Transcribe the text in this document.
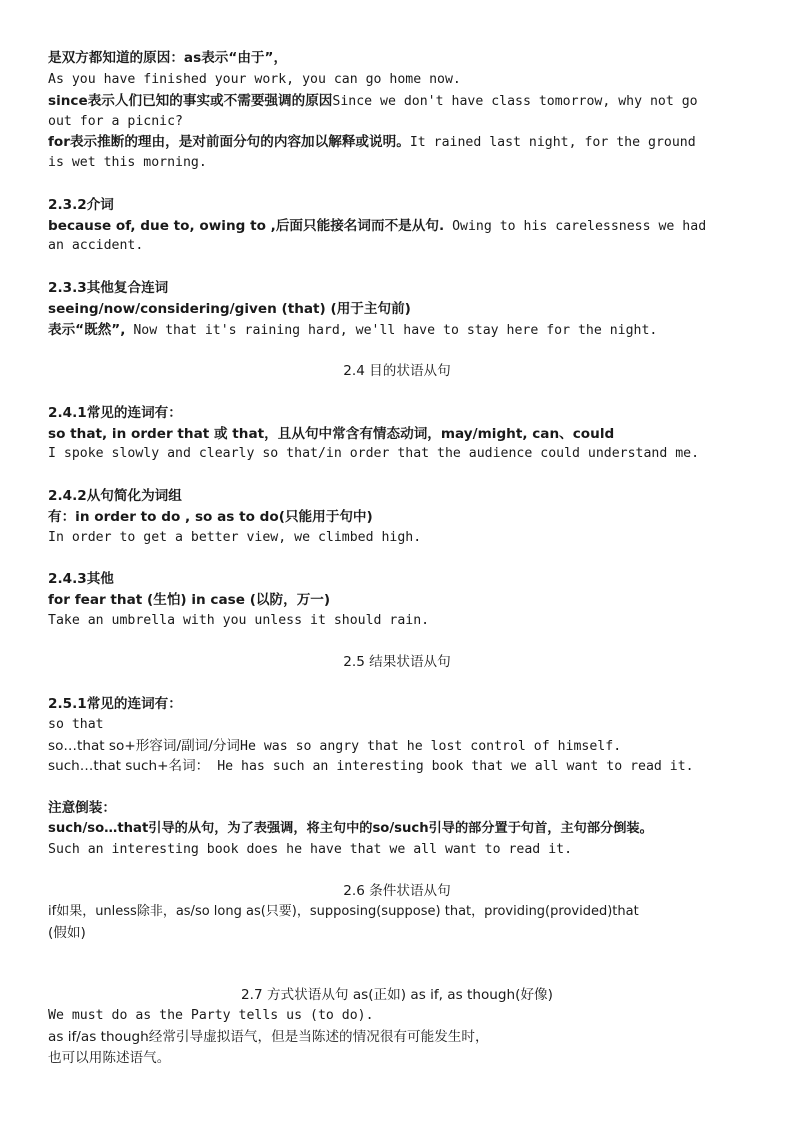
是双方都知道的原因：as表示“由于”，
As you have finished your work, you can go home now.
since表示人们已知的事实或不需要强调的原因Since we don't have class tomorrow, why not go
out for a picnic?
for表示推断的理由，是对前面分句的内容加以解释或说明。It rained last night, for the ground
is wet this morning.
2.3.2介词
because of, due to, owing to ,后面只能接名词而不是从句. Owing to his carelessness we had
an accident.
2.3.3其他复合连词
seeing/now/considering/given (that) (用于主句前)
表示“既然”, Now that it's raining hard, we'll have to stay here for the night.
2.4 目的状语从句
2.4.1常见的连词有：
so that, in order that 或 that，且从句中常含有情态动词，may/might, can、could
I spoke slowly and clearly so that/in order that the audience could understand me.
2.4.2从句简化为词组
有：in order to do , so as to do(只能用于句中)
In order to get a better view, we climbed high.
2.4.3其他
for fear that (生怕) in case (以防，万一)
Take an umbrella with you unless it should rain.
2.5 结果状语从句
2.5.1常见的连词有：
so that
so…that so+形容词/副词/分词He was so angry that he lost control of himself.
such…that such+名词： He has such an interesting book that we all want to read it.
注意倒装：
such/so…that引导的从句，为了表强调，将主句中的so/such引导的部分置于句首，主句部分倒装。
Such an interesting book does he have that we all want to read it.
2.6 条件状语从句
if如果，unless除非，as/so long as(只要)，supposing(suppose) that，providing(provided)that
(假如)
2.7 方式状语从句 as(正如) as if, as though(好像)
We must do as the Party tells us (to do).
as if/as though经常引导虚拟语气，但是当陈述的情况很有可能发生时，
也可以用陈述语气。
